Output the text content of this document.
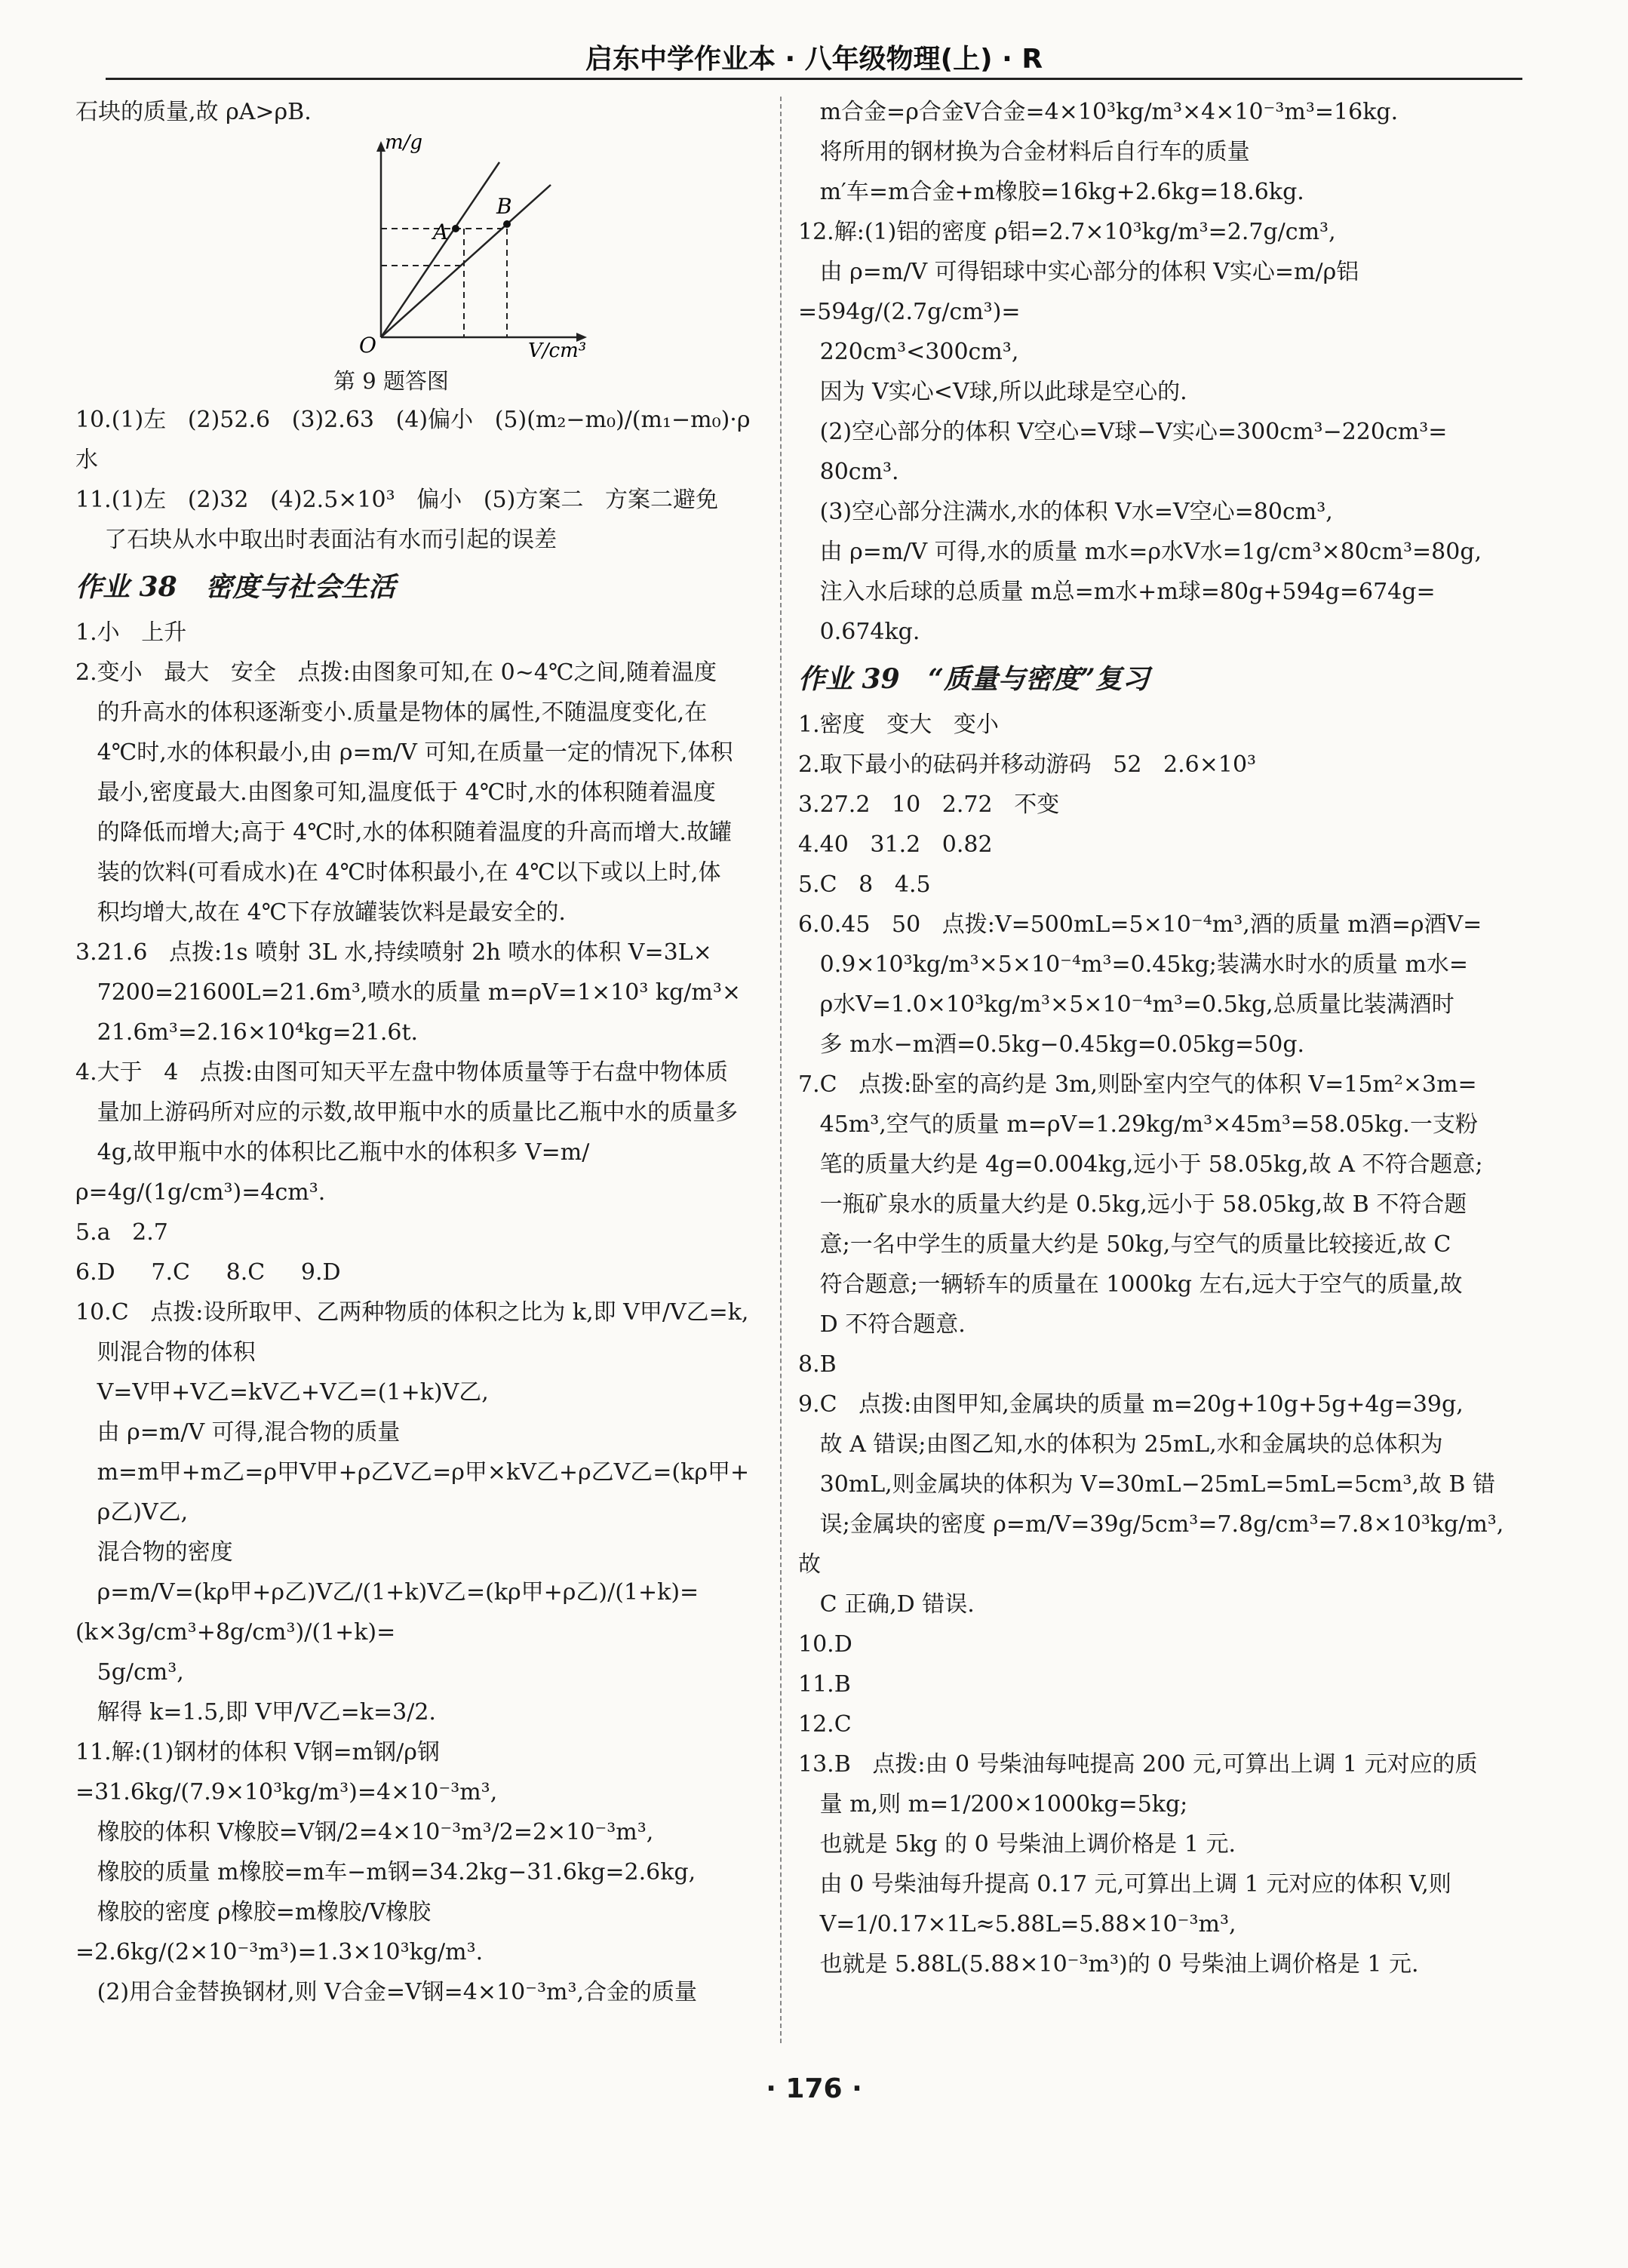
启东中学作业本 · 八年级物理(上) · R
石块的质量,故 ρA>ρB.
m/g
V/cm³
O
A
B
第 9 题答图
10.(1)左   (2)52.6   (3)2.63   (4)偏小   (5)(m₂−m₀)/(m₁−m₀)·ρ水
11.(1)左   (2)32   (4)2.5×10³   偏小   (5)方案二   方案二避免
了石块从水中取出时表面沾有水而引起的误差
作业 38   密度与社会生活
1.小   上升
2.变小   最大   安全   点拨:由图象可知,在 0~4℃之间,随着温度
的升高水的体积逐渐变小.质量是物体的属性,不随温度变化,在
4℃时,水的体积最小,由 ρ=m/V 可知,在质量一定的情况下,体积
最小,密度最大.由图象可知,温度低于 4℃时,水的体积随着温度
的降低而增大;高于 4℃时,水的体积随着温度的升高而增大.故罐
装的饮料(可看成水)在 4℃时体积最小,在 4℃以下或以上时,体
积均增大,故在 4℃下存放罐装饮料是最安全的.
3.21.6   点拨:1s 喷射 3L 水,持续喷射 2h 喷水的体积 V=3L×
7200=21600L=21.6m³,喷水的质量 m=ρV=1×10³ kg/m³×
21.6m³=2.16×10⁴kg=21.6t.
4.大于   4   点拨:由图可知天平左盘中物体质量等于右盘中物体质
量加上游码所对应的示数,故甲瓶中水的质量比乙瓶中水的质量多
4g,故甲瓶中水的体积比乙瓶中水的体积多 V=m/ρ=4g/(1g/cm³)=4cm³.
5.a   2.7
6.D     7.C     8.C     9.D
10.C   点拨:设所取甲、乙两种物质的体积之比为 k,即 V甲/V乙=k,
则混合物的体积
V=V甲+V乙=kV乙+V乙=(1+k)V乙,
由 ρ=m/V 可得,混合物的质量
m=m甲+m乙=ρ甲V甲+ρ乙V乙=ρ甲×kV乙+ρ乙V乙=(kρ甲+
ρ乙)V乙,
混合物的密度
ρ=m/V=(kρ甲+ρ乙)V乙/(1+k)V乙=(kρ甲+ρ乙)/(1+k)=(k×3g/cm³+8g/cm³)/(1+k)=
5g/cm³,
解得 k=1.5,即 V甲/V乙=k=3/2.
11.解:(1)钢材的体积 V钢=m钢/ρ钢=31.6kg/(7.9×10³kg/m³)=4×10⁻³m³,
橡胶的体积 V橡胶=V钢/2=4×10⁻³m³/2=2×10⁻³m³,
橡胶的质量 m橡胶=m车−m钢=34.2kg−31.6kg=2.6kg,
橡胶的密度 ρ橡胶=m橡胶/V橡胶=2.6kg/(2×10⁻³m³)=1.3×10³kg/m³.
(2)用合金替换钢材,则 V合金=V钢=4×10⁻³m³,合金的质量
m合金=ρ合金V合金=4×10³kg/m³×4×10⁻³m³=16kg.
将所用的钢材换为合金材料后自行车的质量
m′车=m合金+m橡胶=16kg+2.6kg=18.6kg.
12.解:(1)铝的密度 ρ铝=2.7×10³kg/m³=2.7g/cm³,
由 ρ=m/V 可得铝球中实心部分的体积 V实心=m/ρ铝=594g/(2.7g/cm³)=
220cm³<300cm³,
因为 V实心<V球,所以此球是空心的.
(2)空心部分的体积 V空心=V球−V实心=300cm³−220cm³=
80cm³.
(3)空心部分注满水,水的体积 V水=V空心=80cm³,
由 ρ=m/V 可得,水的质量 m水=ρ水V水=1g/cm³×80cm³=80g,
注入水后球的总质量 m总=m水+m球=80g+594g=674g=
0.674kg.
作业 39   “质量与密度”复习
1.密度   变大   变小
2.取下最小的砝码并移动游码   52   2.6×10³
3.27.2   10   2.72   不变
4.40   31.2   0.82
5.C   8   4.5
6.0.45   50   点拨:V=500mL=5×10⁻⁴m³,酒的质量 m酒=ρ酒V=
0.9×10³kg/m³×5×10⁻⁴m³=0.45kg;装满水时水的质量 m水=
ρ水V=1.0×10³kg/m³×5×10⁻⁴m³=0.5kg,总质量比装满酒时
多 m水−m酒=0.5kg−0.45kg=0.05kg=50g.
7.C   点拨:卧室的高约是 3m,则卧室内空气的体积 V=15m²×3m=
45m³,空气的质量 m=ρV=1.29kg/m³×45m³=58.05kg.一支粉
笔的质量大约是 4g=0.004kg,远小于 58.05kg,故 A 不符合题意;
一瓶矿泉水的质量大约是 0.5kg,远小于 58.05kg,故 B 不符合题
意;一名中学生的质量大约是 50kg,与空气的质量比较接近,故 C
符合题意;一辆轿车的质量在 1000kg 左右,远大于空气的质量,故
D 不符合题意.
8.B
9.C   点拨:由图甲知,金属块的质量 m=20g+10g+5g+4g=39g,
故 A 错误;由图乙知,水的体积为 25mL,水和金属块的总体积为
30mL,则金属块的体积为 V=30mL−25mL=5mL=5cm³,故 B 错
误;金属块的密度 ρ=m/V=39g/5cm³=7.8g/cm³=7.8×10³kg/m³,故
C 正确,D 错误.
10.D
11.B
12.C
13.B   点拨:由 0 号柴油每吨提高 200 元,可算出上调 1 元对应的质
量 m,则 m=1/200×1000kg=5kg;
也就是 5kg 的 0 号柴油上调价格是 1 元.
由 0 号柴油每升提高 0.17 元,可算出上调 1 元对应的体积 V,则
V=1/0.17×1L≈5.88L=5.88×10⁻³m³,
也就是 5.88L(5.88×10⁻³m³)的 0 号柴油上调价格是 1 元.
· 176 ·
